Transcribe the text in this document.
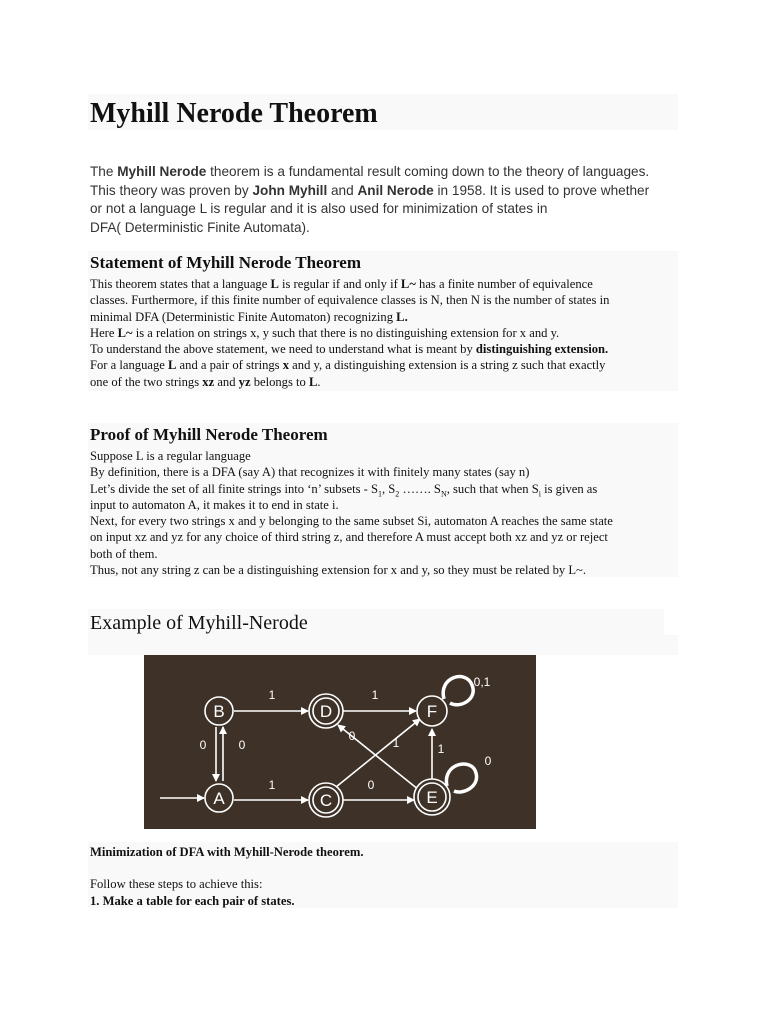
Myhill Nerode Theorem
The Myhill Nerode theorem is a fundamental result coming down to the theory of languages.
This theory was proven by John Myhill and Anil Nerode in 1958. It is used to prove whether
or not a language L is regular and it is also used for minimization of states in
DFA( Deterministic Finite Automata).
Statement of Myhill Nerode Theorem
This theorem states that a language L is regular if and only if L~ has a finite number of equivalence
classes. Furthermore, if this finite number of equivalence classes is N, then N is the number of states in
minimal DFA (Deterministic Finite Automaton) recognizing L.
Here L~ is a relation on strings x, y such that there is no distinguishing extension for x and y.
To understand the above statement, we need to understand what is meant by distinguishing extension.
For a language L and a pair of strings x and y, a distinguishing extension is a string z such that exactly
one of the two strings xz and yz belongs to L.
Proof of Myhill Nerode Theorem
Suppose L is a regular language
By definition, there is a DFA (say A) that recognizes it with finitely many states (say n)
Let’s divide the set of all finite strings into ‘n’ subsets - $S_1$, $S_2$ ……. $S_N$, such that when $S_i$ is given as
input to automaton A, it makes it to end in state i.
Next, for every two strings x and y belonging to the same subset Si, automaton A reaches the same state
on input xz and yz for any choice of third string z, and therefore A must accept both xz and yz or reject
both of them.
Thus, not any string z can be a distinguishing extension for x and y, so they must be related by L~.
Example of Myhill-Nerode
B
A
D
C
F
E
1	1
1	0
0	0
0	1	1
0,1
0
Minimization of DFA with Myhill-Nerode theorem.
Follow these steps to achieve this:
1. Make a table for each pair of states.
